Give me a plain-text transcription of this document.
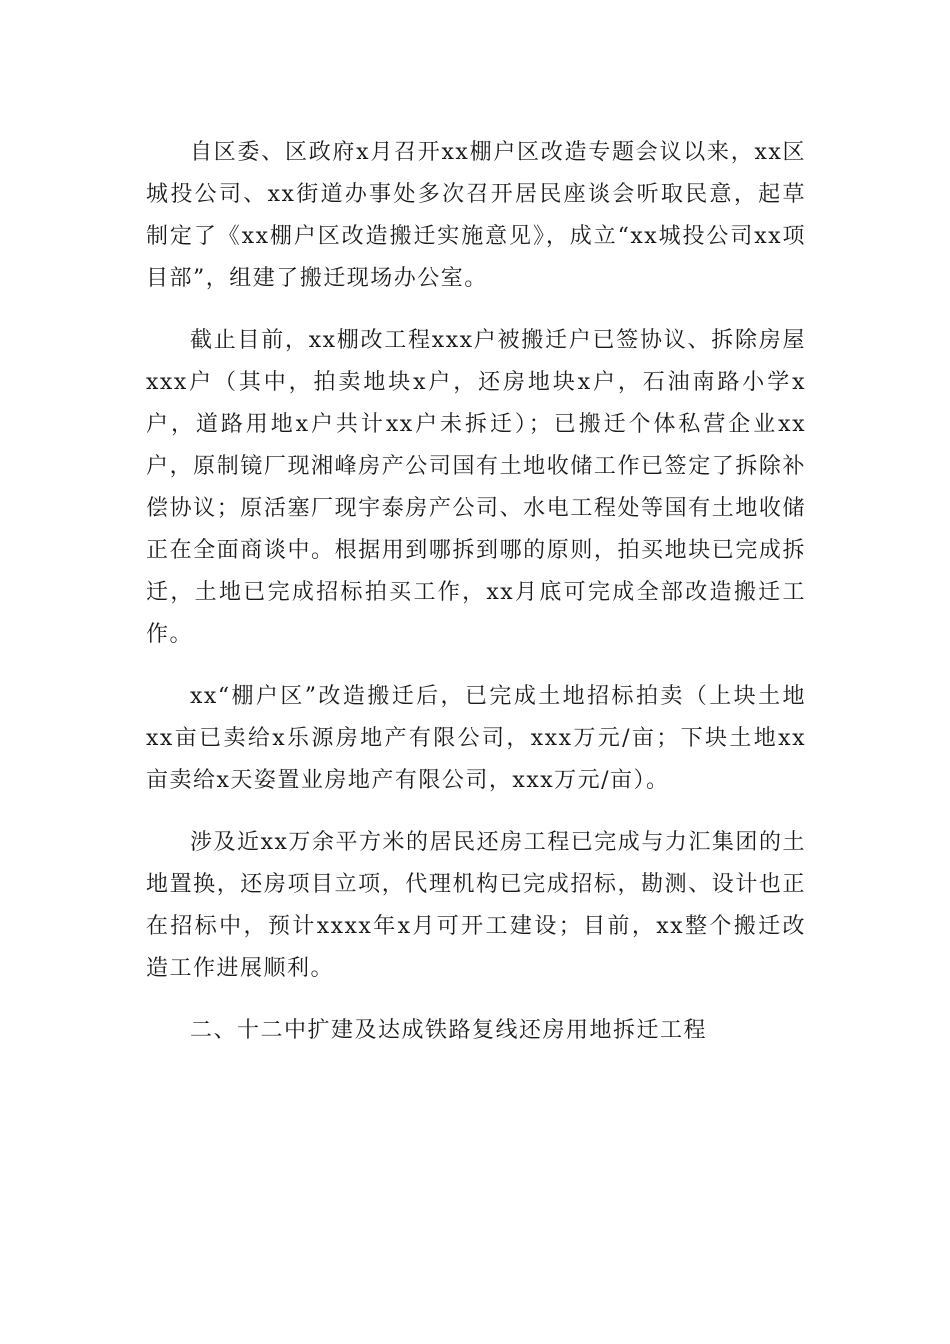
自区委、区政府x月召开xx棚户区改造专题会议以来，xx区城投公司、xx街道办事处多次召开居民座谈会听取民意，起草制定了《xx棚户区改造搬迁实施意见》，成立“xx城投公司xx项目部”，组建了搬迁现场办公室。

截止目前，xx棚改工程xxx户被搬迁户已签协议、拆除房屋xxx户（其中，拍卖地块x户，还房地块x户，石油南路小学x户，道路用地x户共计xx户未拆迁）；已搬迁个体私营企业xx户，原制镜厂现湘峰房产公司国有土地收储工作已签定了拆除补偿协议；原活塞厂现宇泰房产公司、水电工程处等国有土地收储正在全面商谈中。根据用到哪拆到哪的原则，拍买地块已完成拆迁，土地已完成招标拍买工作，xx月底可完成全部改造搬迁工作。

xx“棚户区”改造搬迁后，已完成土地招标拍卖（上块土地xx亩已卖给x乐源房地产有限公司，xxx万元/亩；下块土地xx亩卖给x天姿置业房地产有限公司，xxx万元/亩）。

涉及近xx万余平方米的居民还房工程已完成与力汇集团的土地置换，还房项目立项，代理机构已完成招标，勘测、设计也正在招标中，预计xxxx年x月可开工建设；目前，xx整个搬迁改造工作进展顺利。

二、十二中扩建及达成铁路复线还房用地拆迁工程
